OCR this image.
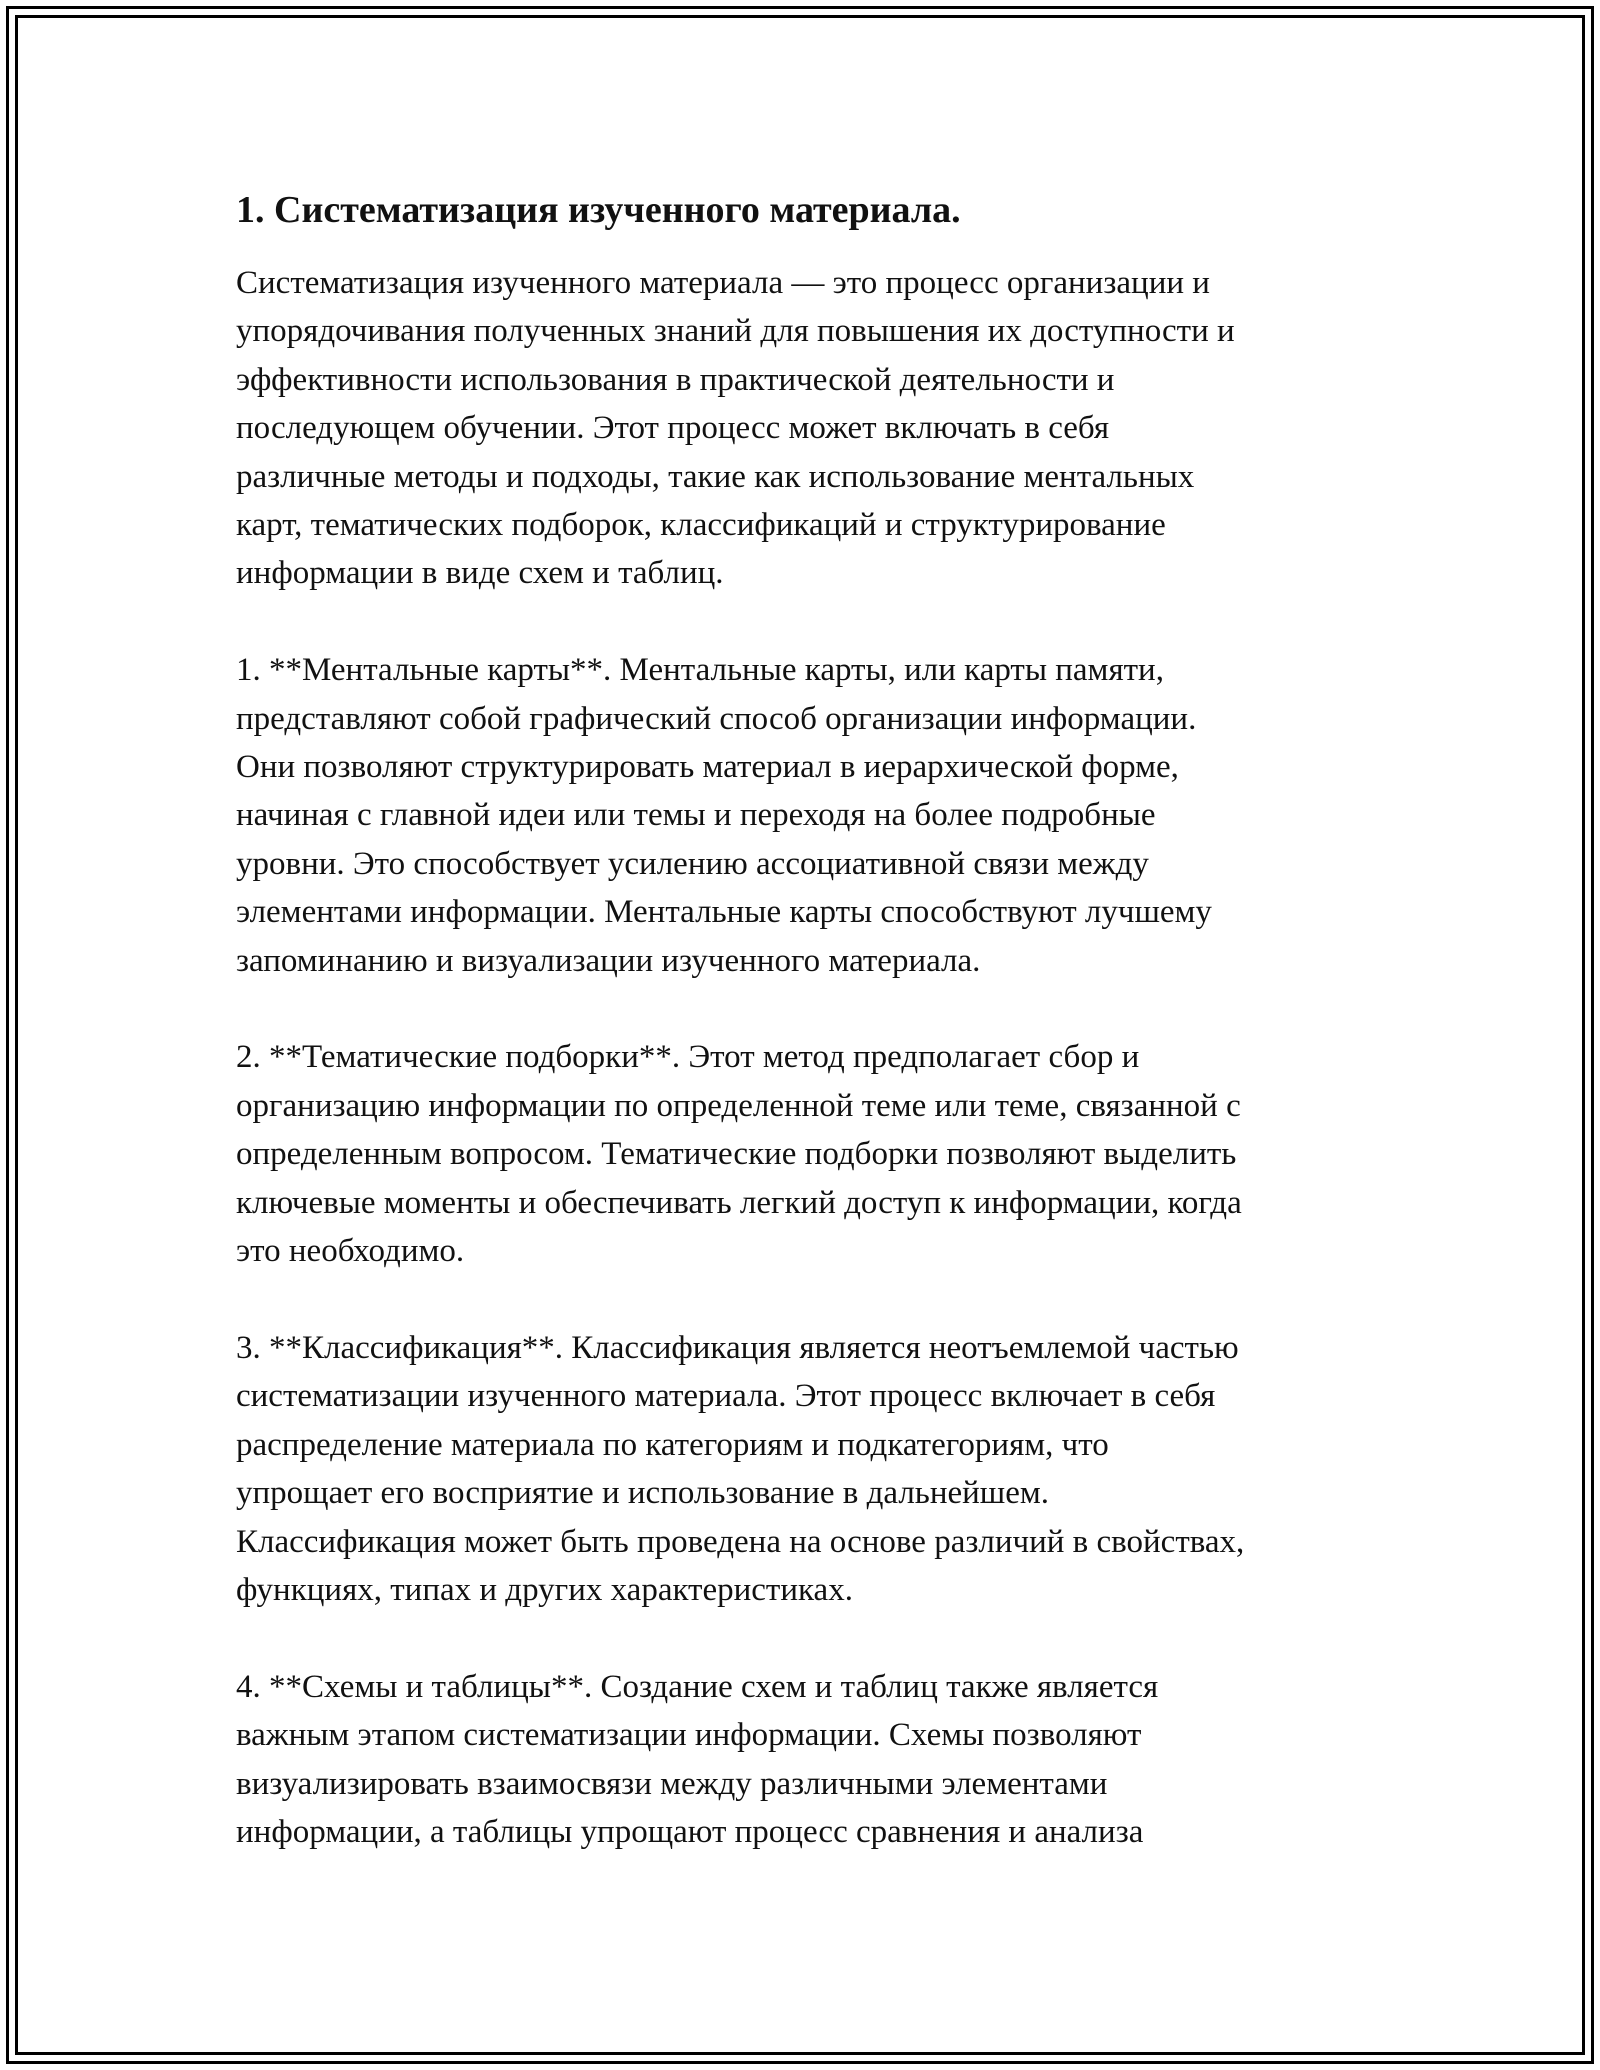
1. Систематизация изученного материала.
Систематизация изученного материала — это процесс организации и
упорядочивания полученных знаний для повышения их доступности и
эффективности использования в практической деятельности и
последующем обучении. Этот процесс может включать в себя
различные методы и подходы, такие как использование ментальных
карт, тематических подборок, классификаций и структурирование
информации в виде схем и таблиц.
1. **Ментальные карты**. Ментальные карты, или карты памяти,
представляют собой графический способ организации информации.
Они позволяют структурировать материал в иерархической форме,
начиная с главной идеи или темы и переходя на более подробные
уровни. Это способствует усилению ассоциативной связи между
элементами информации. Ментальные карты способствуют лучшему
запоминанию и визуализации изученного материала.
2. **Тематические подборки**. Этот метод предполагает сбор и
организацию информации по определенной теме или теме, связанной с
определенным вопросом. Тематические подборки позволяют выделить
ключевые моменты и обеспечивать легкий доступ к информации, когда
это необходимо.
3. **Классификация**. Классификация является неотъемлемой частью
систематизации изученного материала. Этот процесс включает в себя
распределение материала по категориям и подкатегориям, что
упрощает его восприятие и использование в дальнейшем.
Классификация может быть проведена на основе различий в свойствах,
функциях, типах и других характеристиках.
4. **Схемы и таблицы**. Создание схем и таблиц также является
важным этапом систематизации информации. Схемы позволяют
визуализировать взаимосвязи между различными элементами
информации, а таблицы упрощают процесс сравнения и анализа
